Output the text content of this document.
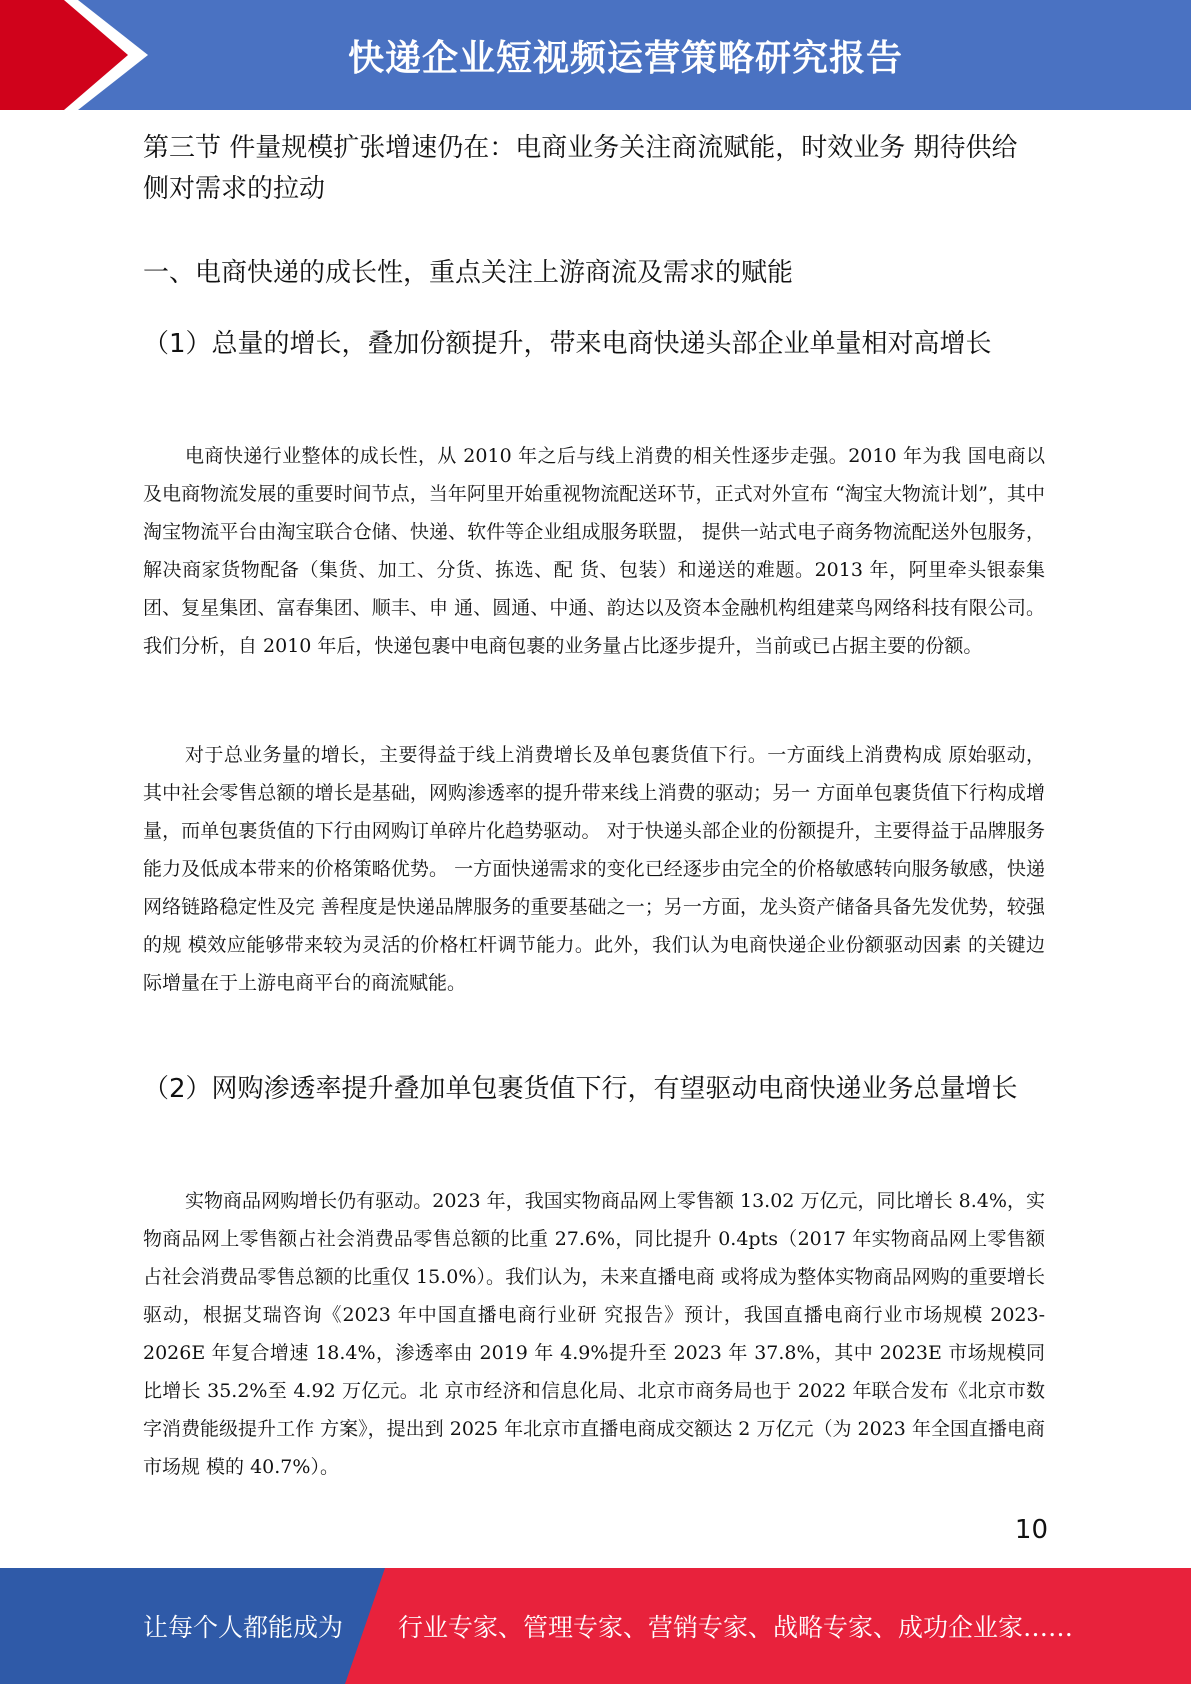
快递企业短视频运营策略研究报告
第三节 件量规模扩张增速仍在：电商业务关注商流赋能，时效业务 期待供给侧对需求的拉动
一、电商快递的成长性，重点关注上游商流及需求的赋能
（1）总量的增长，叠加份额提升，带来电商快递头部企业单量相对高增长

电商快递行业整体的成长性，从 2010 年之后与线上消费的相关性逐步走强。2010 年为我 国电商以及电商物流发展的重要时间节点，当年阿里开始重视物流配送环节，正式对外宣布 “淘宝大物流计划”，其中淘宝物流平台由淘宝联合仓储、快递、软件等企业组成服务联盟， 提供一站式电子商务物流配送外包服务，解决商家货物配备（集货、加工、分货、拣选、配 货、包装）和递送的难题。2013 年，阿里牵头银泰集团、复星集团、富春集团、顺丰、申 通、圆通、中通、韵达以及资本金融机构组建菜鸟网络科技有限公司。我们分析，自 2010 年后，快递包裹中电商包裹的业务量占比逐步提升，当前或已占据主要的份额。

对于总业务量的增长，主要得益于线上消费增长及单包裹货值下行。一方面线上消费构成 原始驱动，其中社会零售总额的增长是基础，网购渗透率的提升带来线上消费的驱动；另一 方面单包裹货值下行构成增量，而单包裹货值的下行由网购订单碎片化趋势驱动。 对于快递头部企业的份额提升，主要得益于品牌服务能力及低成本带来的价格策略优势。 一方面快递需求的变化已经逐步由完全的价格敏感转向服务敏感，快递网络链路稳定性及完 善程度是快递品牌服务的重要基础之一；另一方面，龙头资产储备具备先发优势，较强的规 模效应能够带来较为灵活的价格杠杆调节能力。此外，我们认为电商快递企业份额驱动因素 的关键边际增量在于上游电商平台的商流赋能。

（2）网购渗透率提升叠加单包裹货值下行，有望驱动电商快递业务总量增长

实物商品网购增长仍有驱动。2023 年，我国实物商品网上零售额 13.02 万亿元，同比增长 8.4%，实物商品网上零售额占社会消费品零售总额的比重 27.6%，同比提升 0.4pts（2017 年实物商品网上零售额占社会消费品零售总额的比重仅 15.0%）。我们认为，未来直播电商 或将成为整体实物商品网购的重要增长驱动，根据艾瑞咨询《2023 年中国直播电商行业研 究报告》预计，我国直播电商行业市场规模 2023-2026E 年复合增速 18.4%，渗透率由 2019 年 4.9%提升至 2023 年 37.8%，其中 2023E 市场规模同比增长 35.2%至 4.92 万亿元。北 京市经济和信息化局、北京市商务局也于 2022 年联合发布《北京市数字消费能级提升工作 方案》，提出到 2025 年北京市直播电商成交额达 2 万亿元（为 2023 年全国直播电商市场规 模的 40.7%）。

10
让每个人都能成为 行业专家、管理专家、营销专家、战略专家、成功企业家……
